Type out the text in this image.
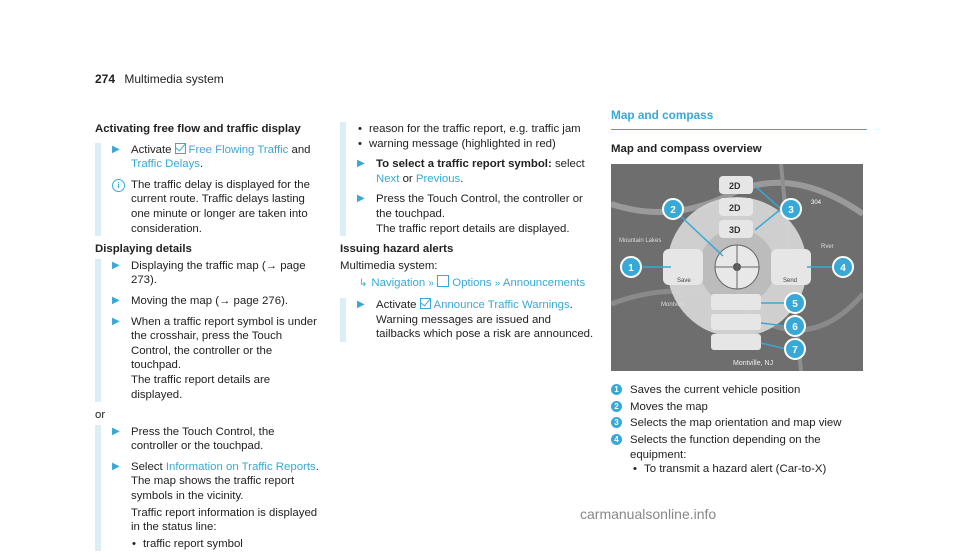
274 Multimedia system
Activating free flow and traffic display
▶ Activate Free Flowing Traffic and Traffic Delays.
i The traffic delay is displayed for the current route. Traffic delays lasting one minute or longer are taken into consideration.
Displaying details
▶ Displaying the traffic map (→ page 273).
▶ Moving the map (→ page 276).
▶ When a traffic report symbol is under the crosshair, press the Touch Control, the controller or the touchpad.
The traffic report details are displayed.
or
▶ Press the Touch Control, the controller or the touchpad.
▶ Select Information on Traffic Reports.
The map shows the traffic report symbols in the vicinity.
Traffic report information is displayed in the status line:
• traffic report symbol
• reason for the traffic report, e.g. traffic jam
• warning message (highlighted in red)
▶ To select a traffic report symbol: select Next or Previous.
▶ Press the Touch Control, the controller or the touchpad.
The traffic report details are displayed.
Issuing hazard alerts
Multimedia system:
↳ Navigation » Options » Announcements
▶ Activate Announce Traffic Warnings.
Warning messages are issued and tailbacks which pose a risk are announced.
Map and compass
Map and compass overview
1
2	3
4
5
6
7
Save	Send
2D
2D
3D
304
Mountain Lakes
Montville
Montville, NJ
Rver
1 Saves the current vehicle position
2 Moves the map
3 Selects the map orientation and map view
4 Selects the function depending on the equipment:
• To transmit a hazard alert (Car-to-X)
carmanualsonline.info
